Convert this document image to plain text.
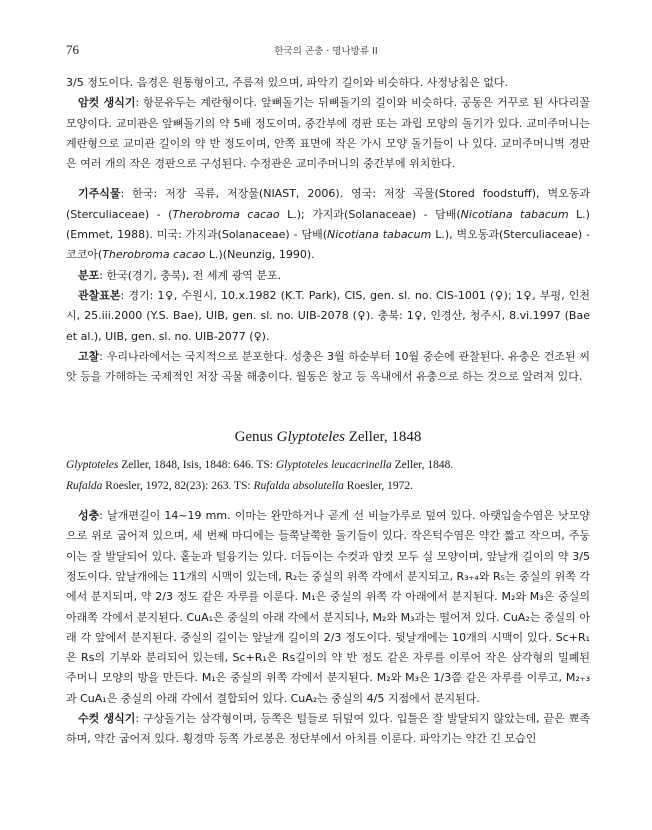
76	한국의 곤충 · 명나방류 II

3/5 정도이다. 음경은 원통형이고, 주름져 있으며, 파악기 길이와 비슷하다. 사정낭침은 없다.

암컷 생식기: 항문유두는 계란형이다. 앞뼈돌기는 뒤뼈돌기의 길이와 비슷하다. 공동은 거꾸로 된 사다리꼴 모양이다. 교미관은 앞뼈돌기의 약 5배 정도이며, 중간부에 경판 또는 과립 모양의 돌기가 있다. 교미주머니는 계란형으로 교미관 길이의 약 반 정도이며, 안쪽 표면에 작은 가시 모양 돌기들이 나 있다. 교미주머니벽 경판은 여러 개의 작은 경판으로 구성된다. 수정관은 교미주머니의 중간부에 위치한다.

기주식물: 한국: 저장 곡류, 저장물(NIAST, 2006). 영국: 저장 곡물(Stored foodstuff), 벽오동과(Sterculiaceae) - (Therobroma cacao L.); 가지과(Solanaceae) - 담배(Nicotiana tabacum L.)(Emmet, 1988). 미국: 가지과(Solanaceae) - 담배(Nicotiana tabacum L.), 벽오동과(Sterculiaceae) - 코코아(Therobroma cacao L.)(Neunzig, 1990).

분포: 한국(경기, 충북), 전 세계 광역 분포.

관찰표본: 경기: 1♀, 수원시, 10.x.1982 (K.T. Park), CIS, gen. sl. no. CIS-1001 (♀); 1♀, 부평, 인천시, 25.iii.2000 (Y.S. Bae), UIB, gen. sl. no. UIB-2078 (♀). 충북: 1♀, 인경산, 청주시, 8.vi.1997 (Bae et al.), UIB, gen. sl. no. UIB-2077 (♀).

고찰: 우리나라에서는 국지적으로 분포한다. 성충은 3월 하순부터 10월 중순에 관찰된다. 유충은 건조된 씨앗 등을 가해하는 국제적인 저장 곡물 해충이다. 월동은 창고 등 옥내에서 유충으로 하는 것으로 알려져 있다.

Genus Glyptoteles Zeller, 1848

Glyptoteles Zeller, 1848, Isis, 1848: 646. TS: Glyptoteles leucacrinella Zeller, 1848.

Rufalda Roesler, 1972, 82(23): 263. TS: Rufalda absolutella Roesler, 1972.

성충: 날개편길이 14~19 mm. 이마는 완만하거나 곧게 선 비늘가루로 덮여 있다. 아랫입술수염은 낫모양으로 위로 굽어져 있으며, 세 번째 마디에는 들쭉날쭉한 돌기들이 있다. 작은턱수염은 약간 짧고 작으며, 주둥이는 잘 발달되어 있다. 홑눈과 털융기는 있다. 더듬이는 수컷과 암컷 모두 실 모양이며, 앞날개 길이의 약 3/5 정도이다. 앞날개에는 11개의 시맥이 있는데, R₂는 중실의 위쪽 각에서 분지되고, R₃₊₄와 R₅는 중실의 위쪽 각에서 분지되며, 약 2/3 정도 같은 자루를 이룬다. M₁은 중실의 위쪽 각 아래에서 분지된다. M₂와 M₃은 중실의 아래쪽 각에서 분지된다. CuA₁은 중실의 아래 각에서 분지되나, M₂와 M₃과는 떨어져 있다. CuA₂는 중실의 아래 각 앞에서 분지된다. 중실의 길이는 앞날개 길이의 2/3 정도이다. 뒷날개에는 10개의 시맥이 있다. Sc+R₁은 Rs의 기부와 분리되어 있는데, Sc+R₁은 Rs길이의 약 반 정도 같은 자루를 이루어 작은 삼각형의 밀폐된 주머니 모양의 방을 만든다. M₁은 중실의 위쪽 각에서 분지된다. M₂와 M₃은 1/3쯤 같은 자루를 이루고, M₂₊₃과 CuA₁은 중실의 아래 각에서 결합되어 있다. CuA₂는 중실의 4/5 지점에서 분지된다.

수컷 생식기: 구상돌기는 삼각형이며, 등쪽은 털들로 뒤덮여 있다. 입틀은 잘 발달되지 않았는데, 끝은 뾰족하며, 약간 굽어져 있다. 횡경막 등쪽 가로봉은 정단부에서 아치를 이룬다. 파악기는 약간 긴 모습인
